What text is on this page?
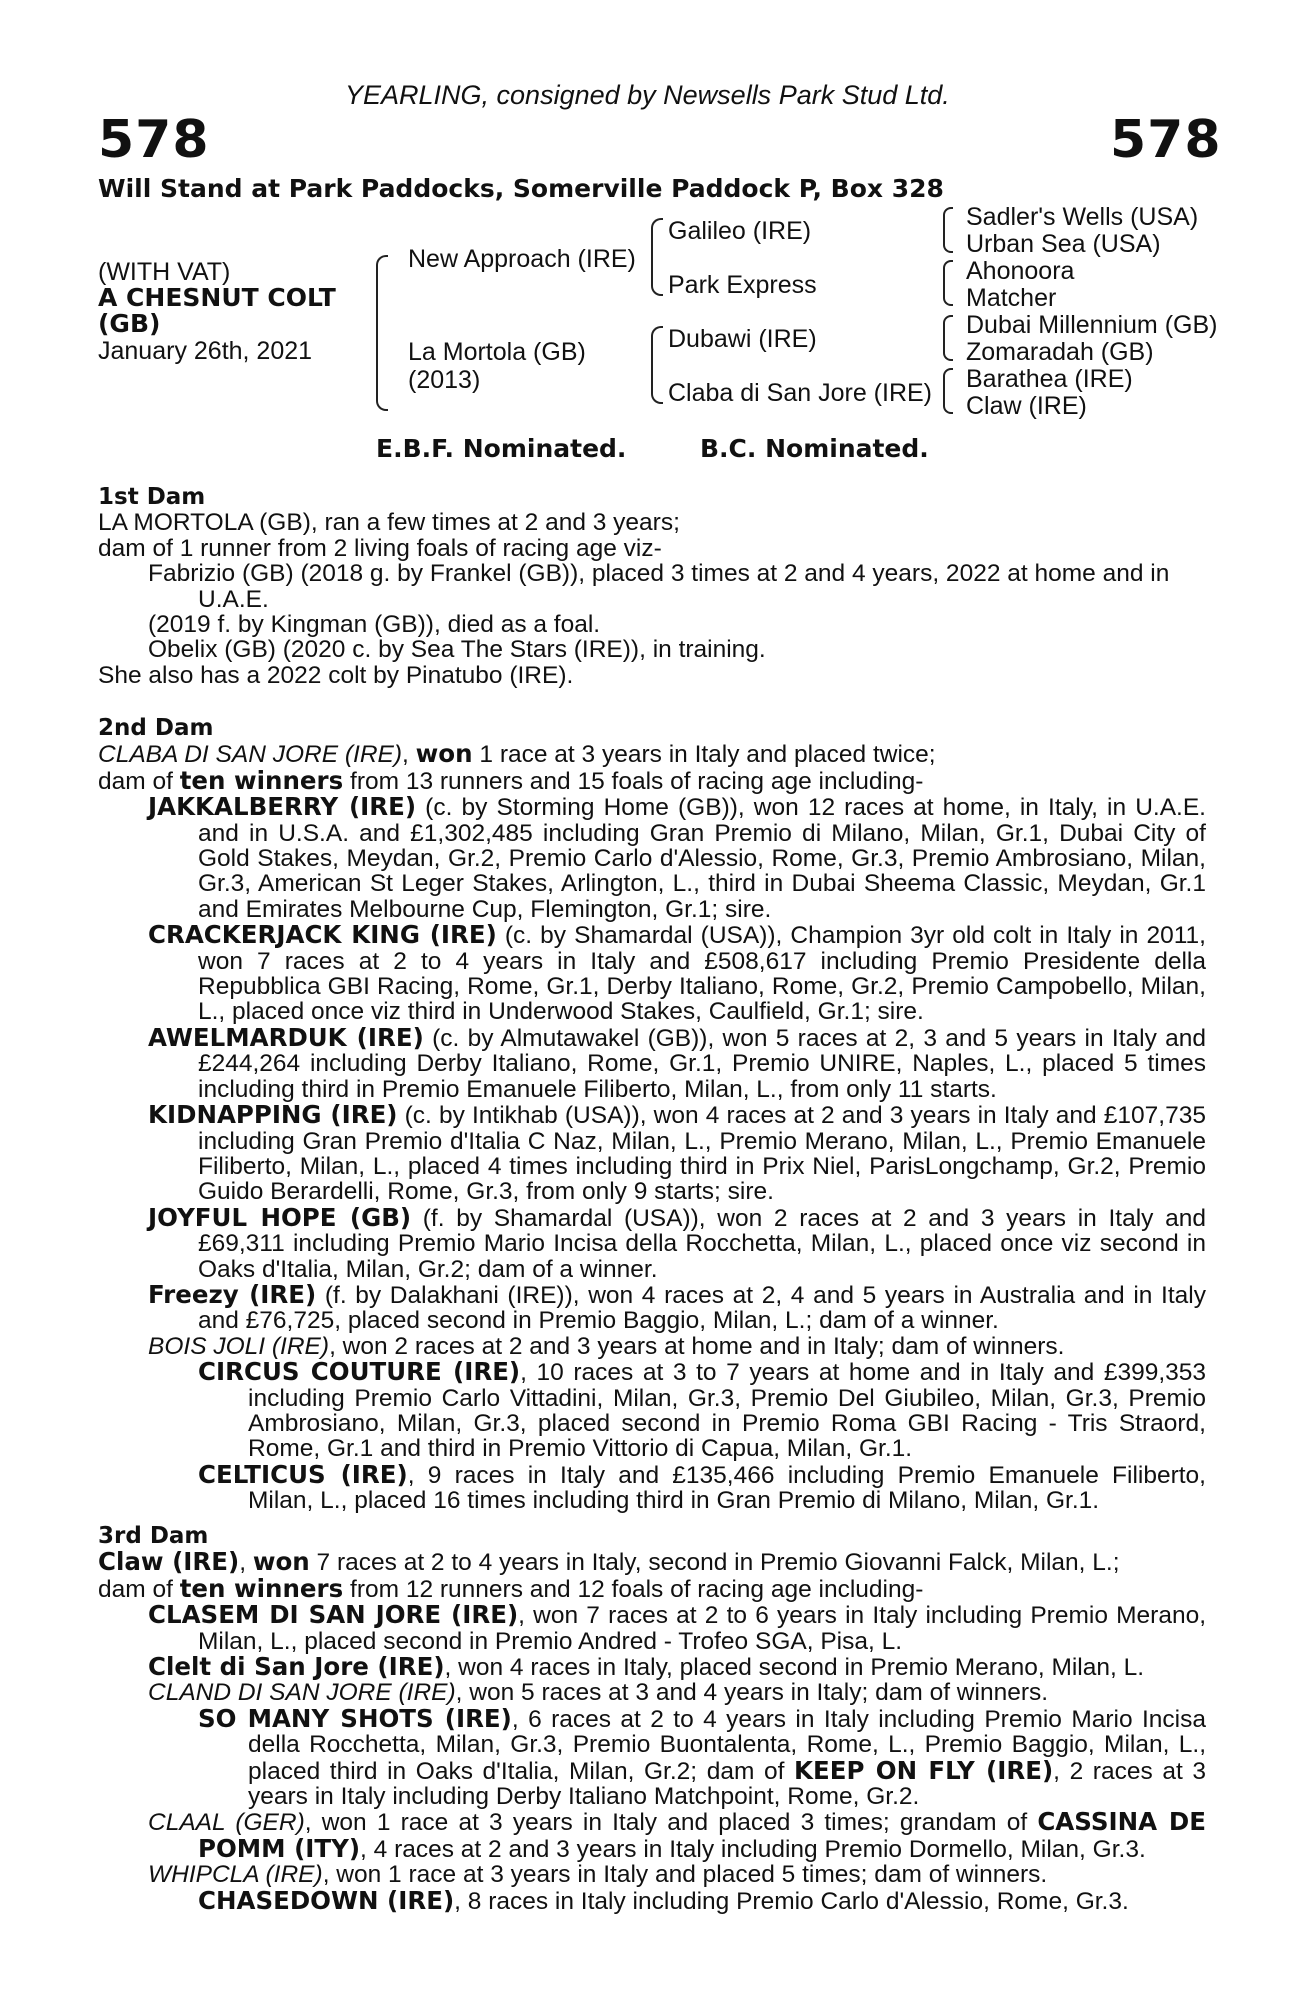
YEARLING, consigned by Newsells Park Stud Ltd.
578	578
Will Stand at Park Paddocks, Somerville Paddock P, Box 328
(WITH VAT)
A CHESNUT COLT
(GB)
January 26th, 2021
New Approach (IRE)
La Mortola (GB)
(2013)
Galileo (IRE)
Park Express
Dubawi (IRE)
Claba di San Jore (IRE)
Sadler's Wells (USA)
Urban Sea (USA)
Ahonoora
Matcher
Dubai Millennium (GB)
Zomaradah (GB)
Barathea (IRE)
Claw (IRE)
E.B.F. Nominated.	B.C. Nominated.

1st Dam

LA MORTOLA (GB), ran a few times at 2 and 3 years;

dam of 1 runner from 2 living foals of racing age viz-

Fabrizio (GB) (2018 g. by Frankel (GB)), placed 3 times at 2 and 4 years, 2022 at home and in U.A.E.

(2019 f. by Kingman (GB)), died as a foal.

Obelix (GB) (2020 c. by Sea The Stars (IRE)), in training.

She also has a 2022 colt by Pinatubo (IRE).

2nd Dam

CLABA DI SAN JORE (IRE), won 1 race at 3 years in Italy and placed twice;

dam of ten winners from 13 runners and 15 foals of racing age including-

JAKKALBERRY (IRE) (c. by Storming Home (GB)), won 12 races at home, in Italy, in U.A.E. and in U.S.A. and £1,302,485 including Gran Premio di Milano, Milan, Gr.1, Dubai City of Gold Stakes, Meydan, Gr.2, Premio Carlo d'Alessio, Rome, Gr.3, Premio Ambrosiano, Milan, Gr.3, American St Leger Stakes, Arlington, L., third in Dubai Sheema Classic, Meydan, Gr.1 and Emirates Melbourne Cup, Flemington, Gr.1; sire.

CRACKERJACK KING (IRE) (c. by Shamardal (USA)), Champion 3yr old colt in Italy in 2011, won 7 races at 2 to 4 years in Italy and £508,617 including Premio Presidente della Repubblica GBI Racing, Rome, Gr.1, Derby Italiano, Rome, Gr.2, Premio Campobello, Milan, L., placed once viz third in Underwood Stakes, Caulfield, Gr.1; sire.

AWELMARDUK (IRE) (c. by Almutawakel (GB)), won 5 races at 2, 3 and 5 years in Italy and £244,264 including Derby Italiano, Rome, Gr.1, Premio UNIRE, Naples, L., placed 5 times including third in Premio Emanuele Filiberto, Milan, L., from only 11 starts.

KIDNAPPING (IRE) (c. by Intikhab (USA)), won 4 races at 2 and 3 years in Italy and £107,735 including Gran Premio d'Italia C Naz, Milan, L., Premio Merano, Milan, L., Premio Emanuele Filiberto, Milan, L., placed 4 times including third in Prix Niel, ParisLongchamp, Gr.2, Premio Guido Berardelli, Rome, Gr.3, from only 9 starts; sire.

JOYFUL HOPE (GB) (f. by Shamardal (USA)), won 2 races at 2 and 3 years in Italy and £69,311 including Premio Mario Incisa della Rocchetta, Milan, L., placed once viz second in Oaks d'Italia, Milan, Gr.2; dam of a winner.

Freezy (IRE) (f. by Dalakhani (IRE)), won 4 races at 2, 4 and 5 years in Australia and in Italy and £76,725, placed second in Premio Baggio, Milan, L.; dam of a winner.

BOIS JOLI (IRE), won 2 races at 2 and 3 years at home and in Italy; dam of winners.

CIRCUS COUTURE (IRE), 10 races at 3 to 7 years at home and in Italy and £399,353 including Premio Carlo Vittadini, Milan, Gr.3, Premio Del Giubileo, Milan, Gr.3, Premio Ambrosiano, Milan, Gr.3, placed second in Premio Roma GBI Racing - Tris Straord, Rome, Gr.1 and third in Premio Vittorio di Capua, Milan, Gr.1.

CELTICUS (IRE), 9 races in Italy and £135,466 including Premio Emanuele Filiberto, Milan, L., placed 16 times including third in Gran Premio di Milano, Milan, Gr.1.

3rd Dam

Claw (IRE), won 7 races at 2 to 4 years in Italy, second in Premio Giovanni Falck, Milan, L.;

dam of ten winners from 12 runners and 12 foals of racing age including-

CLASEM DI SAN JORE (IRE), won 7 races at 2 to 6 years in Italy including Premio Merano, Milan, L., placed second in Premio Andred - Trofeo SGA, Pisa, L.

Clelt di San Jore (IRE), won 4 races in Italy, placed second in Premio Merano, Milan, L.

CLAND DI SAN JORE (IRE), won 5 races at 3 and 4 years in Italy; dam of winners.

SO MANY SHOTS (IRE), 6 races at 2 to 4 years in Italy including Premio Mario Incisa della Rocchetta, Milan, Gr.3, Premio Buontalenta, Rome, L., Premio Baggio, Milan, L., placed third in Oaks d'Italia, Milan, Gr.2; dam of KEEP ON FLY (IRE), 2 races at 3 years in Italy including Derby Italiano Matchpoint, Rome, Gr.2.

CLAAL (GER), won 1 race at 3 years in Italy and placed 3 times; grandam of CASSINA DE POMM (ITY), 4 races at 2 and 3 years in Italy including Premio Dormello, Milan, Gr.3.

WHIPCLA (IRE), won 1 race at 3 years in Italy and placed 5 times; dam of winners.

CHASEDOWN (IRE), 8 races in Italy including Premio Carlo d'Alessio, Rome, Gr.3.
